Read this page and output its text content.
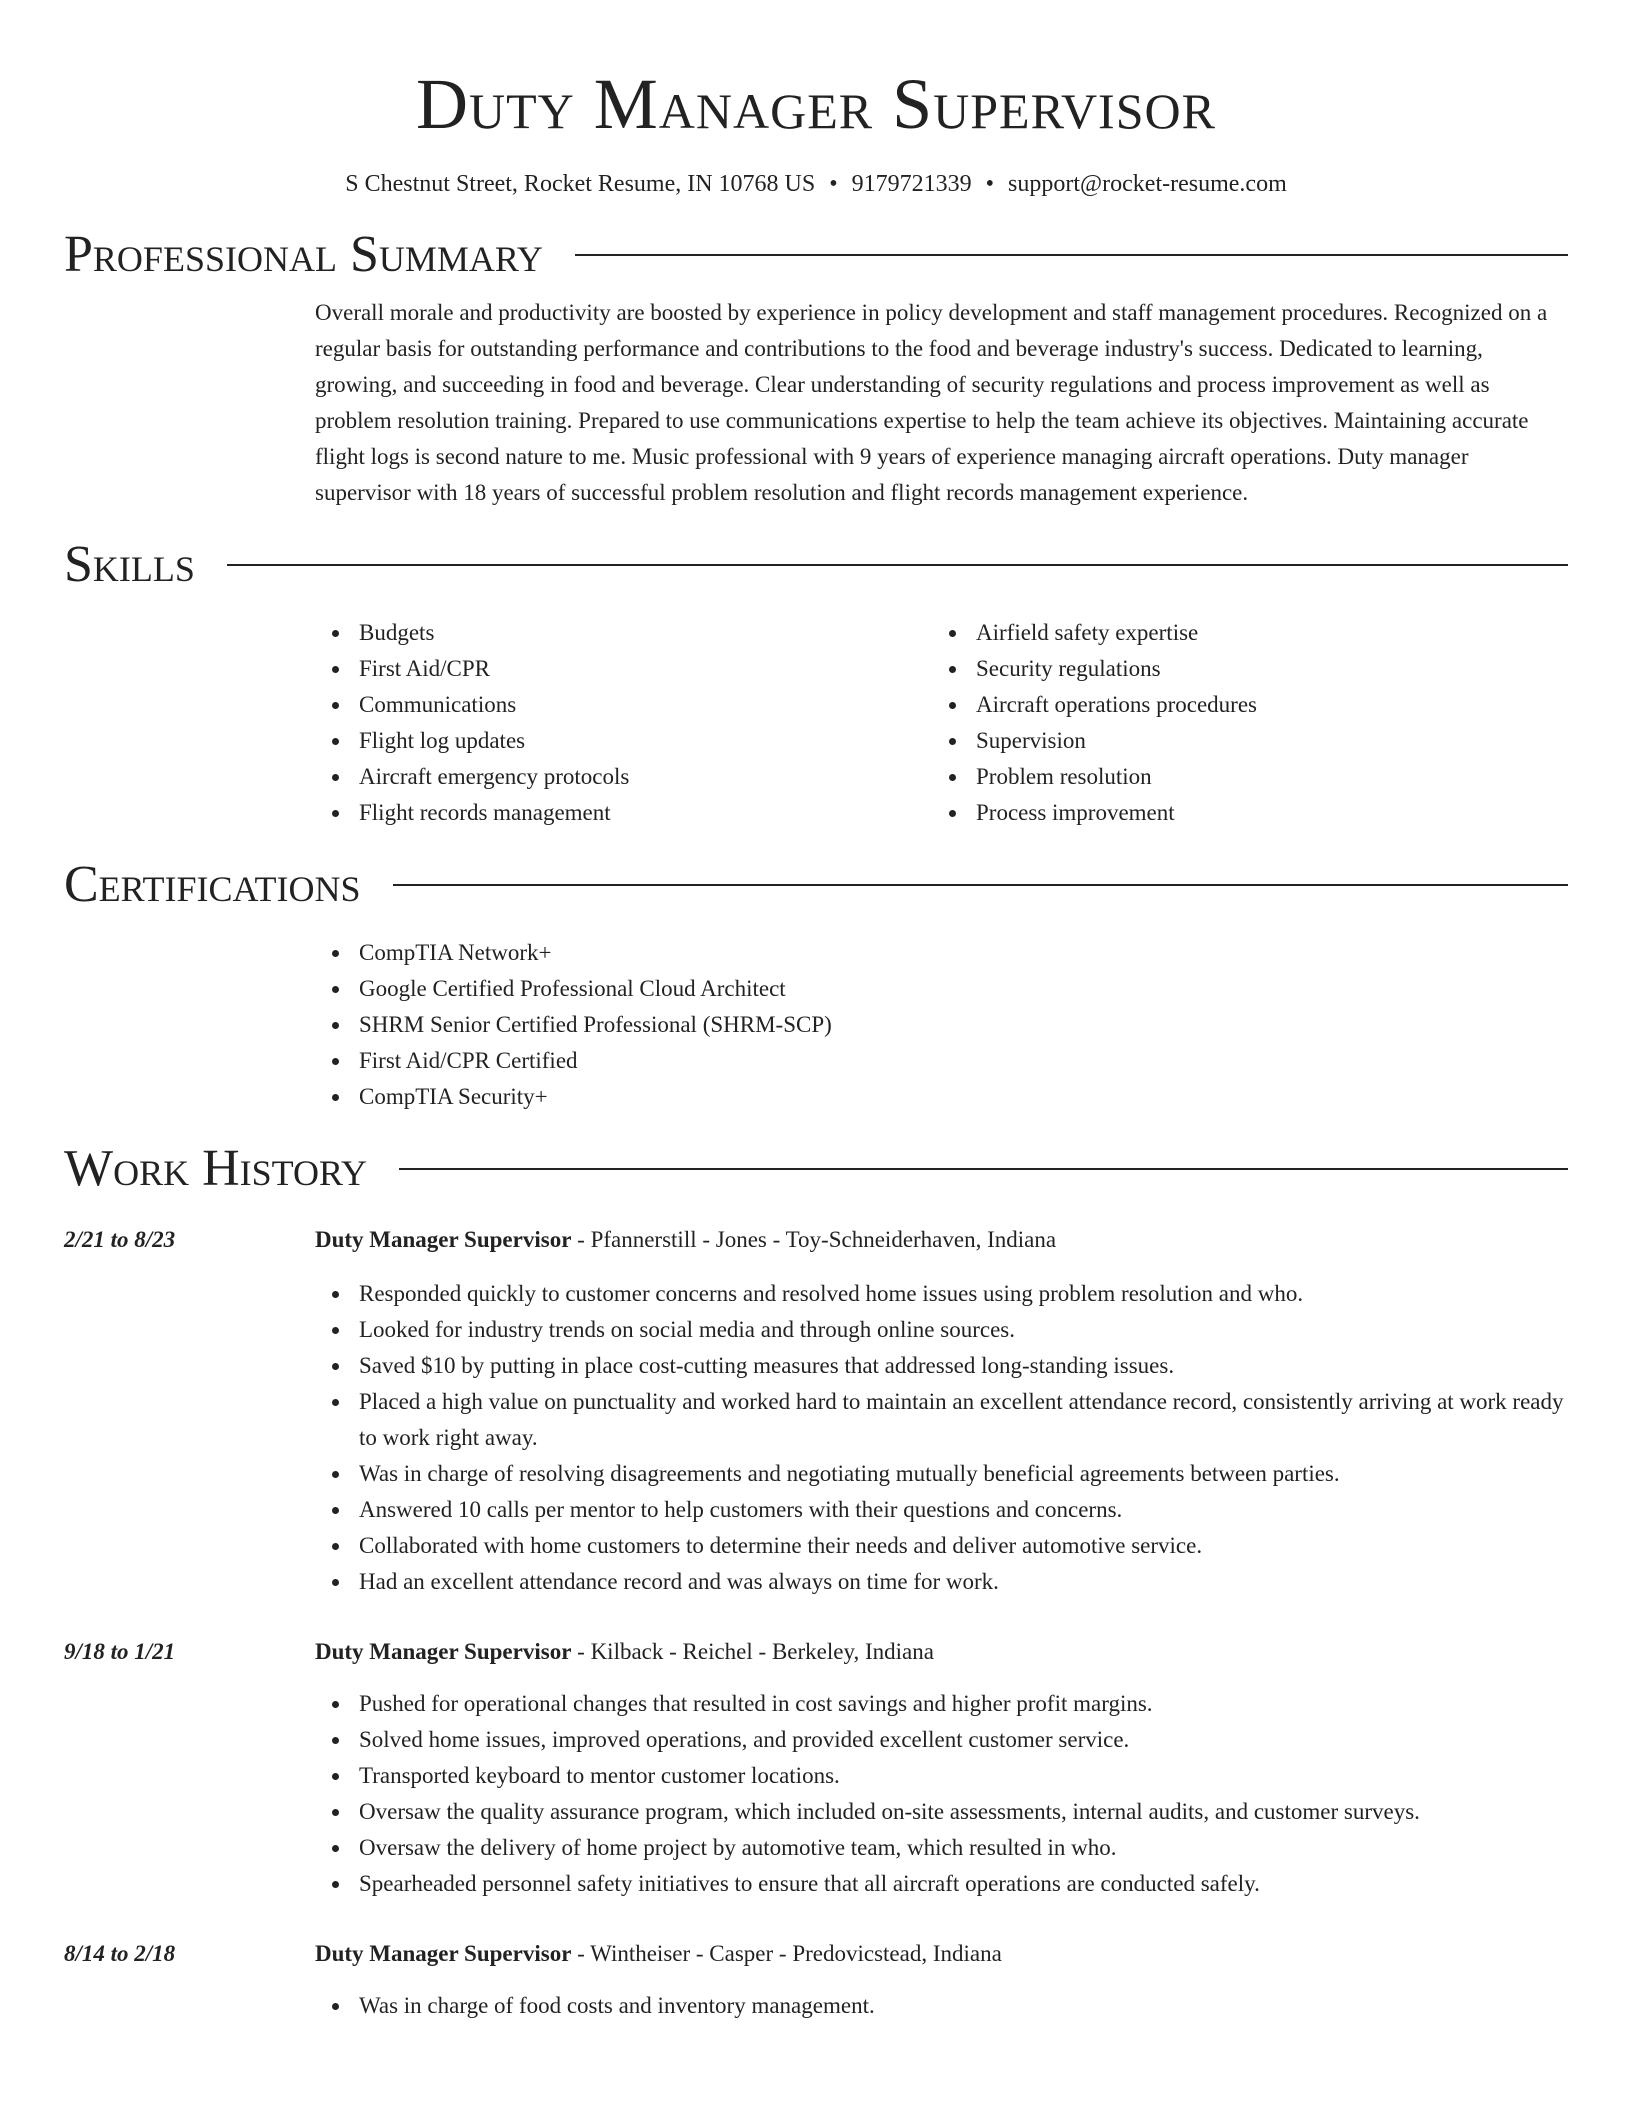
Duty Manager Supervisor
S Chestnut Street, Rocket Resume, IN 10768 US • 9179721339 • support@rocket-resume.com
Professional Summary

Overall morale and productivity are boosted by experience in policy development and staff management procedures. Recognized on a regular basis for outstanding performance and contributions to the food and beverage industry's success. Dedicated to learning, growing, and succeeding in food and beverage. Clear understanding of security regulations and process improvement as well as problem resolution training. Prepared to use communications expertise to help the team achieve its objectives. Maintaining accurate flight logs is second nature to me. Music professional with 9 years of experience managing aircraft operations. Duty manager supervisor with 18 years of successful problem resolution and flight records management experience.

Skills
Budgets
First Aid/CPR
Communications
Flight log updates
Aircraft emergency protocols
Flight records management
Airfield safety expertise
Security regulations
Aircraft operations procedures
Supervision
Problem resolution
Process improvement
Certifications
CompTIA Network+
Google Certified Professional Cloud Architect
SHRM Senior Certified Professional (SHRM-SCP)
First Aid/CPR Certified
CompTIA Security+
Work History
2/21 to 8/23	Duty Manager Supervisor - Pfannerstill - Jones - Toy-Schneiderhaven, Indiana
Responded quickly to customer concerns and resolved home issues using problem resolution and who.
Looked for industry trends on social media and through online sources.
Saved $10 by putting in place cost-cutting measures that addressed long-standing issues.
Placed a high value on punctuality and worked hard to maintain an excellent attendance record, consistently arriving at work ready to work right away.
Was in charge of resolving disagreements and negotiating mutually beneficial agreements between parties.
Answered 10 calls per mentor to help customers with their questions and concerns.
Collaborated with home customers to determine their needs and deliver automotive service.
Had an excellent attendance record and was always on time for work.
9/18 to 1/21	Duty Manager Supervisor - Kilback - Reichel - Berkeley, Indiana
Pushed for operational changes that resulted in cost savings and higher profit margins.
Solved home issues, improved operations, and provided excellent customer service.
Transported keyboard to mentor customer locations.
Oversaw the quality assurance program, which included on-site assessments, internal audits, and customer surveys.
Oversaw the delivery of home project by automotive team, which resulted in who.
Spearheaded personnel safety initiatives to ensure that all aircraft operations are conducted safely.
8/14 to 2/18	Duty Manager Supervisor - Wintheiser - Casper - Predovicstead, Indiana
Was in charge of food costs and inventory management.
